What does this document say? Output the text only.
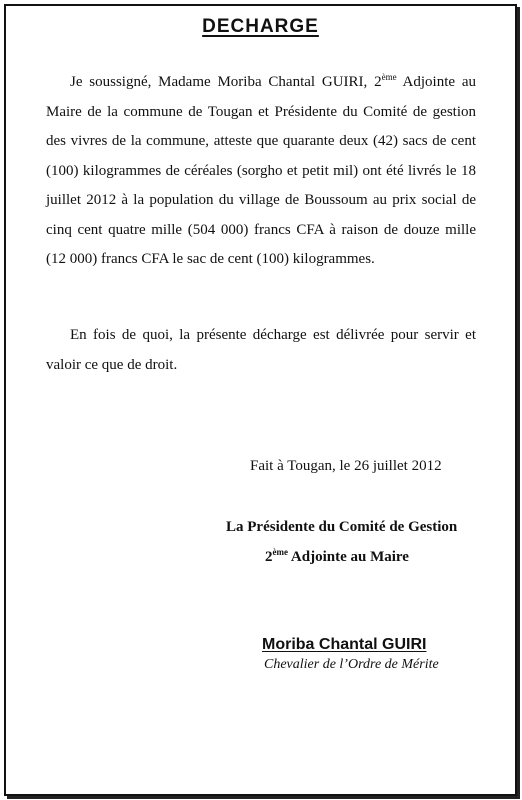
DECHARGE
Je soussigné, Madame Moriba Chantal GUIRI, 2ème Adjointe au Maire de la commune de Tougan et Présidente du Comité de gestion des vivres de la commune, atteste que quarante deux (42) sacs de cent (100) kilogrammes de céréales (sorgho et petit mil) ont été livrés le 18 juillet 2012 à la population du village de Boussoum au prix social de cinq cent quatre mille (504 000) francs CFA à raison de douze mille (12 000) francs CFA le sac de cent (100) kilogrammes.
En fois de quoi, la présente décharge est délivrée pour servir et valoir ce que de droit.
Fait à Tougan, le 26 juillet 2012
La Présidente du Comité de Gestion
2ème Adjointe au Maire
Moriba Chantal GUIRI
Chevalier de l’Ordre de Mérite
